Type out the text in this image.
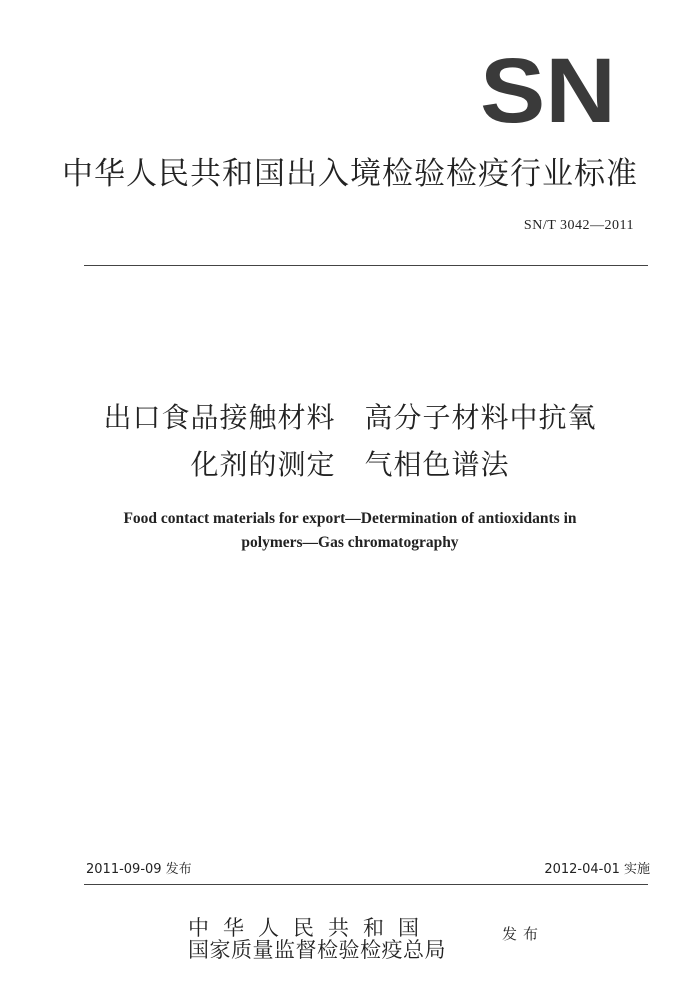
SN
中华人民共和国出入境检验检疫行业标准
SN/T 3042—2011
出口食品接触材料　高分子材料中抗氧
化剂的测定　气相色谱法
Food contact materials for export—Determination of antioxidants in
polymers—Gas chromatography
2011-09-09 发布	2012-04-01 实施
中华人民共和国
国家质量监督检验检疫总局
发布
